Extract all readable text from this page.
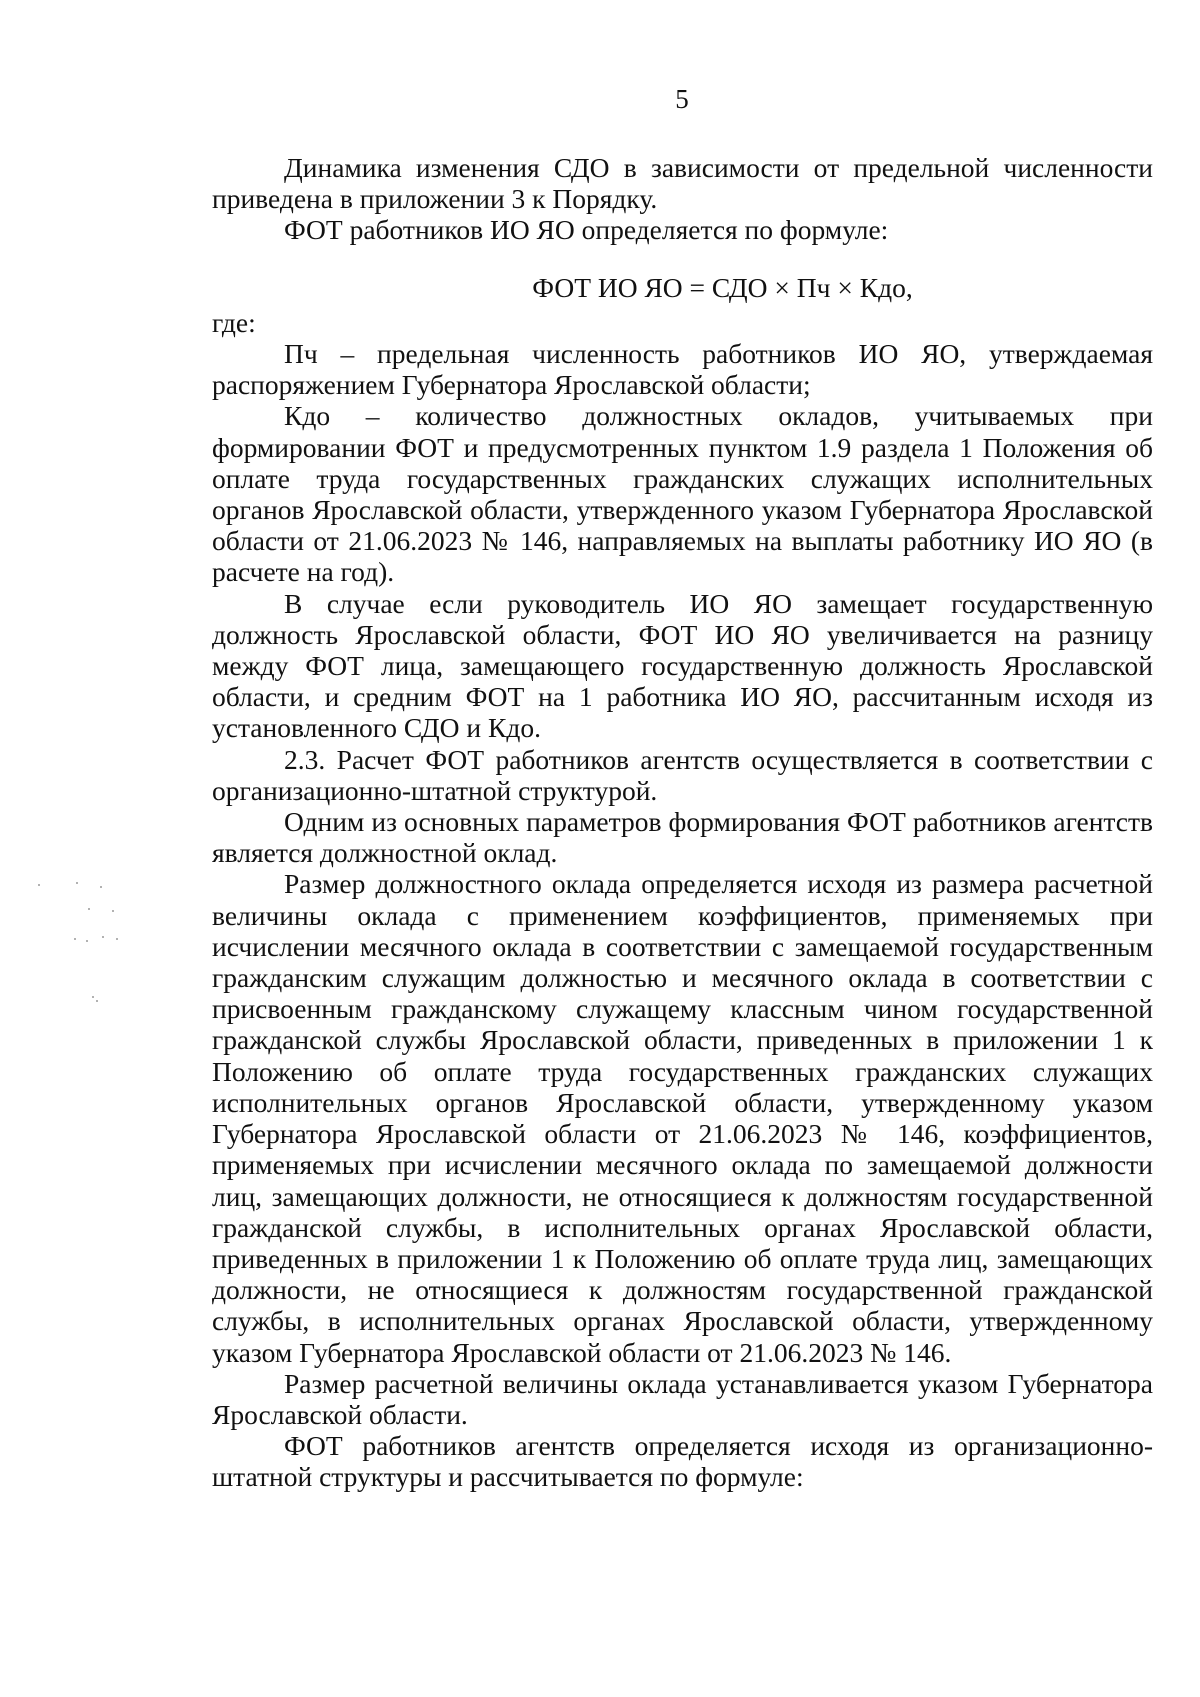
5

Динамика изменения СДО в зависимости от предельной численности приведена в приложении 3 к Порядку.

ФОТ работников ИО ЯО определяется по формуле:

ФОТ ИО ЯО = СДО × Пч × Кдо,

где:

Пч – предельная численность работников ИО ЯО, утверждаемая распоряжением Губернатора Ярославской области;

Кдо – количество должностных окладов, учитываемых при формировании ФОТ и предусмотренных пунктом 1.9 раздела 1 Положения об оплате труда государственных гражданских служащих исполнительных органов Ярославской области, утвержденного указом Губернатора Ярославской области от 21.06.2023 № 146, направляемых на выплаты работнику ИО ЯО (в расчете на год).

В случае если руководитель ИО ЯО замещает государственную должность Ярославской области, ФОТ ИО ЯО увеличивается на разницу между ФОТ лица, замещающего государственную должность Ярославской области, и средним ФОТ на 1 работника ИО ЯО, рассчитанным исходя из установленного СДО и Кдо.

2.3. Расчет ФОТ работников агентств осуществляется в соответствии с организационно-штатной структурой.

Одним из основных параметров формирования ФОТ работников агентств является должностной оклад.

Размер должностного оклада определяется исходя из размера расчетной величины оклада с применением коэффициентов, применяемых при исчислении месячного оклада в соответствии с замещаемой государственным гражданским служащим должностью и месячного оклада в соответствии с присвоенным гражданскому служащему классным чином государственной гражданской службы Ярославской области, приведенных в приложении 1 к Положению об оплате труда государственных гражданских служащих исполнительных органов Ярославской области, утвержденному указом Губернатора Ярославской области от 21.06.2023 № 146, коэффициентов, применяемых при исчислении месячного оклада по замещаемой должности лиц, замещающих должности, не относящиеся к должностям государственной гражданской службы, в исполнительных органах Ярославской области, приведенных в приложении 1 к Положению об оплате труда лиц, замещающих должности, не относящиеся к должностям государственной гражданской службы, в исполнительных органах Ярославской области, утвержденному указом Губернатора Ярославской области от 21.06.2023 № 146.

Размер расчетной величины оклада устанавливается указом Губернатора Ярославской области.

ФОТ работников агентств определяется исходя из организационно-штатной структуры и рассчитывается по формуле:
